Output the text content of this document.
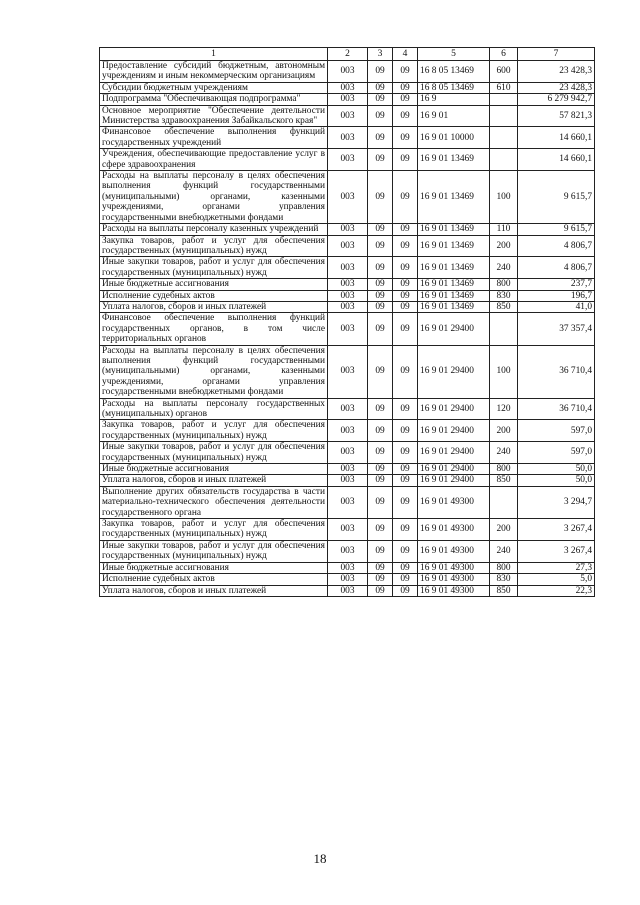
1	2	3	4	5	6	7
Предоставление субсидий бюджетным, автономным учреждениям и иным некоммерческим организациям	003	09	09	16 8 05 13469	600	23 428,3
Субсидии бюджетным учреждениям	003	09	09	16 8 05 13469	610	23 428,3
Подпрограмма "Обеспечивающая подпрограмма"	003	09	09	16 9		6 279 942,7
Основное мероприятие "Обеспечение деятельности Министерства здравоохранения Забайкальского края"	003	09	09	16 9 01		57 821,3
Финансовое обеспечение выполнения функций государственных учреждений	003	09	09	16 9 01 10000		14 660,1
Учреждения, обеспечивающие предоставление услуг в сфере здравоохранения	003	09	09	16 9 01 13469		14 660,1
Расходы на выплаты персоналу в целях обеспечения выполнения функций государственными (муниципальными) органами, казенными учреждениями, органами управления государственными внебюджетными фондами	003	09	09	16 9 01 13469	100	9 615,7
Расходы на выплаты персоналу казенных учреждений	003	09	09	16 9 01 13469	110	9 615,7
Закупка товаров, работ и услуг для обеспечения государственных (муниципальных) нужд	003	09	09	16 9 01 13469	200	4 806,7
Иные закупки товаров, работ и услуг для обеспечения государственных (муниципальных) нужд	003	09	09	16 9 01 13469	240	4 806,7
Иные бюджетные ассигнования	003	09	09	16 9 01 13469	800	237,7
Исполнение судебных актов	003	09	09	16 9 01 13469	830	196,7
Уплата налогов, сборов и иных платежей	003	09	09	16 9 01 13469	850	41,0
Финансовое обеспечение выполнения функций государственных органов, в том числе территориальных органов	003	09	09	16 9 01 29400		37 357,4
Расходы на выплаты персоналу в целях обеспечения выполнения функций государственными (муниципальными) органами, казенными учреждениями, органами управления государственными внебюджетными фондами	003	09	09	16 9 01 29400	100	36 710,4
Расходы на выплаты персоналу государственных (муниципальных) органов	003	09	09	16 9 01 29400	120	36 710,4
Закупка товаров, работ и услуг для обеспечения государственных (муниципальных) нужд	003	09	09	16 9 01 29400	200	597,0
Иные закупки товаров, работ и услуг для обеспечения государственных (муниципальных) нужд	003	09	09	16 9 01 29400	240	597,0
Иные бюджетные ассигнования	003	09	09	16 9 01 29400	800	50,0
Уплата налогов, сборов и иных платежей	003	09	09	16 9 01 29400	850	50,0
Выполнение других обязательств государства в части материально-технического обеспечения деятельности государственного органа	003	09	09	16 9 01 49300		3 294,7
Закупка товаров, работ и услуг для обеспечения государственных (муниципальных) нужд	003	09	09	16 9 01 49300	200	3 267,4
Иные закупки товаров, работ и услуг для обеспечения государственных (муниципальных) нужд	003	09	09	16 9 01 49300	240	3 267,4
Иные бюджетные ассигнования	003	09	09	16 9 01 49300	800	27,3
Исполнение судебных актов	003	09	09	16 9 01 49300	830	5,0
Уплата налогов, сборов и иных платежей	003	09	09	16 9 01 49300	850	22,3
18
